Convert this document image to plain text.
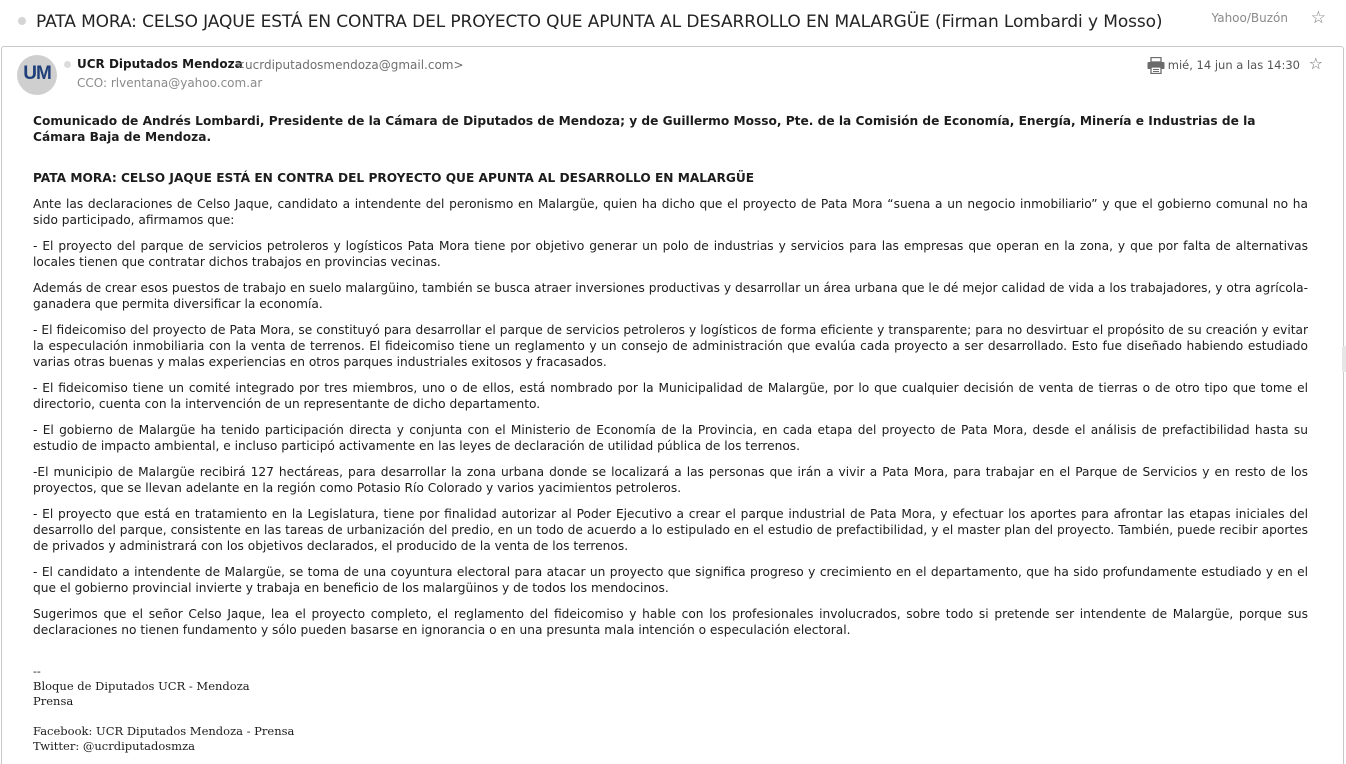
PATA MORA: CELSO JAQUE ESTÁ EN CONTRA DEL PROYECTO QUE APUNTA AL DESARROLLO EN MALARGÜE (Firman Lombardi y Mosso)	Yahoo/Buzón ☆
UM	UCR Diputados Mendoza
<ucrdiputadosmendoza@gmail.com>
CCO: rlventana@yahoo.com.ar
mié, 14 jun a las 14:30 ☆

Comunicado de Andrés Lombardi, Presidente de la Cámara de Diputados de Mendoza; y de Guillermo Mosso, Pte. de la Comisión de Economía, Energía, Minería e Industrias de la Cámara Baja de Mendoza.

PATA MORA: CELSO JAQUE ESTÁ EN CONTRA DEL PROYECTO QUE APUNTA AL DESARROLLO EN MALARGÜE

Ante las declaraciones de Celso Jaque, candidato a intendente del peronismo en Malargüe, quien ha dicho que el proyecto de Pata Mora “suena a un negocio inmobiliario” y que el gobierno comunal no ha sido participado, afirmamos que:

- El proyecto del parque de servicios petroleros y logísticos Pata Mora tiene por objetivo generar un polo de industrias y servicios para las empresas que operan en la zona, y que por falta de alternativas locales tienen que contratar dichos trabajos en provincias vecinas.

Además de crear esos puestos de trabajo en suelo malargüino, también se busca atraer inversiones productivas y desarrollar un área urbana que le dé mejor calidad de vida a los trabajadores, y otra agrícola-ganadera que permita diversificar la economía.

- El fideicomiso del proyecto de Pata Mora, se constituyó para desarrollar el parque de servicios petroleros y logísticos de forma eficiente y transparente; para no desvirtuar el propósito de su creación y evitar la especulación inmobiliaria con la venta de terrenos. El fideicomiso tiene un reglamento y un consejo de administración que evalúa cada proyecto a ser desarrollado. Esto fue diseñado habiendo estudiado varias otras buenas y malas experiencias en otros parques industriales exitosos y fracasados.

- El fideicomiso tiene un comité integrado por tres miembros, uno o de ellos, está nombrado por la Municipalidad de Malargüe, por lo que cualquier decisión de venta de tierras o de otro tipo que tome el directorio, cuenta con la intervención de un representante de dicho departamento.

- El gobierno de Malargüe ha tenido participación directa y conjunta con el Ministerio de Economía de la Provincia, en cada etapa del proyecto de Pata Mora, desde el análisis de prefactibilidad hasta su estudio de impacto ambiental, e incluso participó activamente en las leyes de declaración de utilidad pública de los terrenos.

-El municipio de Malargüe recibirá 127 hectáreas, para desarrollar la zona urbana donde se localizará a las personas que irán a vivir a Pata Mora, para trabajar en el Parque de Servicios y en resto de los proyectos, que se llevan adelante en la región como Potasio Río Colorado y varios yacimientos petroleros.

- El proyecto que está en tratamiento en la Legislatura, tiene por finalidad autorizar al Poder Ejecutivo a crear el parque industrial de Pata Mora, y efectuar los aportes para afrontar las etapas iniciales del desarrollo del parque, consistente en las tareas de urbanización del predio, en un todo de acuerdo a lo estipulado en el estudio de prefactibilidad, y el master plan del proyecto. También, puede recibir aportes de privados y administrará con los objetivos declarados, el producido de la venta de los terrenos.

- El candidato a intendente de Malargüe, se toma de una coyuntura electoral para atacar un proyecto que significa progreso y crecimiento en el departamento, que ha sido profundamente estudiado y en el que el gobierno provincial invierte y trabaja en beneficio de los malargüinos y de todos los mendocinos.

Sugerimos que el señor Celso Jaque, lea el proyecto completo, el reglamento del fideicomiso y hable con los profesionales involucrados, sobre todo si pretende ser intendente de Malargüe, porque sus declaraciones no tienen fundamento y sólo pueden basarse en ignorancia o en una presunta mala intención o especulación electoral.

--
Bloque de Diputados UCR - Mendoza
Prensa
Facebook: UCR Diputados Mendoza - Prensa
Twitter: @ucrdiputadosmza
